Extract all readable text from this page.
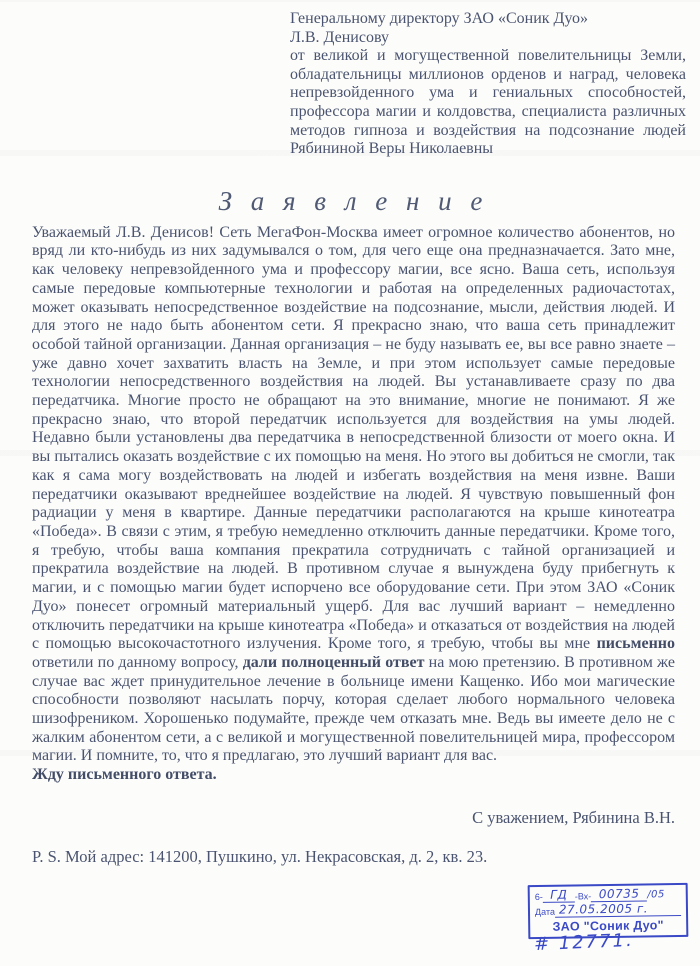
Генеральному директору ЗАО «Соник Дуо»
Л.В. Денисову
от великой и могущественной повелительницы Земли, обладательницы миллионов орденов и наград, человека непревзойденного ума и гениальных способностей, профессора магии и колдовства, специалиста различных методов гипноза и воздействия на подсознание людей Рябининой Веры Николаевны
З а я в л е н и е
Уважаемый Л.В. Денисов! Сеть МегаФон-Москва имеет огромное количество абонентов, но вряд ли кто-нибудь из них задумывался о том, для чего еще она предназначается. Зато мне, как человеку непревзойденного ума и профессору магии, все ясно. Ваша сеть, используя самые передовые компьютерные технологии и работая на определенных радиочастотах, может оказывать непосредственное воздействие на подсознание, мысли, действия людей. И для этого не надо быть абонентом сети. Я прекрасно знаю, что ваша сеть принадлежит особой тайной организации. Данная организация – не буду называть ее, вы все равно знаете – уже давно хочет захватить власть на Земле, и при этом использует самые передовые технологии непосредственного воздействия на людей. Вы устанавливаете сразу по два передатчика. Многие просто не обращают на это внимание, многие не понимают. Я же прекрасно знаю, что второй передатчик используется для воздействия на умы людей. Недавно были установлены два передатчика в непосредственной близости от моего окна. И вы пытались оказать воздействие с их помощью на меня. Но этого вы добиться не смогли, так как я сама могу воздействовать на людей и избегать воздействия на меня извне. Ваши передатчики оказывают вреднейшее воздействие на людей. Я чувствую повышенный фон радиации у меня в квартире. Данные передатчики располагаются на крыше кинотеатра «Победа». В связи с этим, я требую немедленно отключить данные передатчики. Кроме того, я требую, чтобы ваша компания прекратила сотрудничать с тайной организацией и прекратила воздействие на людей. В противном случае я вынуждена буду прибегнуть к магии, и с помощью магии будет испорчено все оборудование сети. При этом ЗАО «Соник Дуо» понесет огромный материальный ущерб. Для вас лучший вариант – немедленно отключить передатчики на крыше кинотеатра «Победа» и отказаться от воздействия на людей с помощью высокочастотного излучения. Кроме того, я требую, чтобы вы мне письменно ответили по данному вопросу, дали полноценный ответ на мою претензию. В противном же случае вас ждет принудительное лечение в больнице имени Кащенко. Ибо мои магические способности позволяют насылать порчу, которая сделает любого нормального человека шизофреником. Хорошенько подумайте, прежде чем отказать мне. Ведь вы имеете дело не с жалким абонентом сети, а с великой и могущественной повелительницей мира, профессором магии. И помните, то, что я предлагаю, это лучший вариант для вас.
Жду письменного ответа.
С уважением, Рябинина В.Н.
P. S. Мой адрес: 141200, Пушкино, ул. Некрасовская, д. 2, кв. 23.
6- ГД -Вх- 00735 /05
Дата 27.05.2005 г.
ЗАО "Соник Дуо"
# 12771.
